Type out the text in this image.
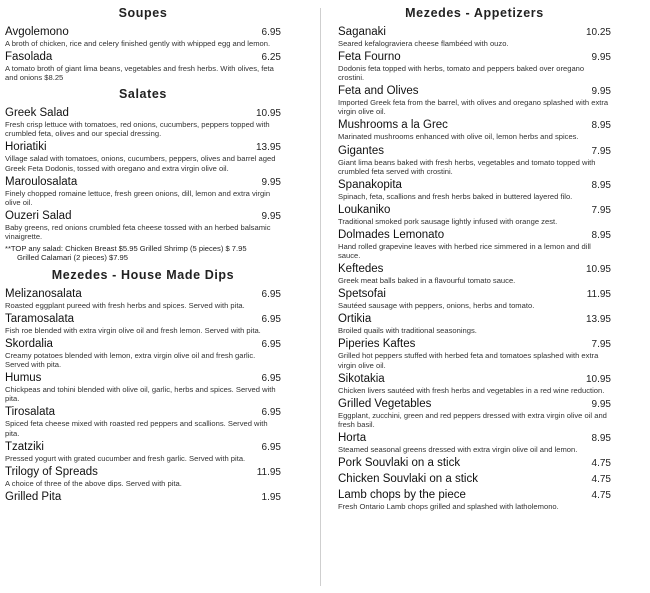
Soupes
Avgolemono	6.95
A broth of chicken, rice and celery finished gently with whipped egg and lemon.
Fasolada	6.25
A tomato broth of giant lima beans, vegetables and fresh herbs. With olives, feta and onions $8.25
Salates
Greek Salad	10.95
Fresh crisp lettuce with tomatoes, red onions, cucumbers, peppers topped with crumbled feta, olives and our special dressing.
Horiatiki	13.95
Village salad with tomatoes, onions, cucumbers, peppers, olives and barrel aged Greek Feta Dodonis, tossed with oregano and extra virgin olive oil.
Maroulosalata	9.95
Finely chopped romaine lettuce, fresh green onions, dill, lemon and extra virgin olive oil.
Ouzeri Salad	9.95
Baby greens, red onions crumbled feta cheese tossed with an herbed balsamic vinaigrette.
**TOP any salad: Chicken Breast $5.95 Grilled Shrimp (5 pieces) $ 7.95
Grilled Calamari (2 pieces) $7.95
Mezedes - House Made Dips
Melizanosalata	6.95
Roasted eggplant pureed with fresh herbs and spices. Served with pita.
Taramosalata	6.95
Fish roe blended with extra virgin olive oil and fresh lemon. Served with pita.
Skordalia	6.95
Creamy potatoes blended with lemon, extra virgin olive oil and fresh garlic. Served with pita.
Humus	6.95
Chickpeas and tohini blended with olive oil, garlic, herbs and spices. Served with pita.
Tirosalata	6.95
Spiced feta cheese mixed with roasted red peppers and scallions. Served with pita.
Tzatziki	6.95
Pressed yogurt with grated cucumber and fresh garlic. Served with pita.
Trilogy of Spreads	11.95
A choice of three of the above dips. Served with pita.
Grilled Pita	1.95
Mezedes - Appetizers
Saganaki	10.25
Seared kefalograviera cheese flambéed with ouzo.
Feta Fourno	9.95
Dodonis feta topped with herbs, tomato and peppers baked over oregano crostini.
Feta and Olives	9.95
Imported Greek feta from the barrel, with olives and oregano splashed with extra virgin olive oil.
Mushrooms a la Grec	8.95
Marinated mushrooms enhanced with olive oil, lemon herbs and spices.
Gigantes	7.95
Giant lima beans baked with fresh herbs, vegetables and tomato topped with crumbled feta served with crostini.
Spanakopita	8.95
Spinach, feta, scallions and fresh herbs baked in buttered layered filo.
Loukaniko	7.95
Traditional smoked pork sausage lightly infused with orange zest.
Dolmades Lemonato	8.95
Hand rolled grapevine leaves with herbed rice simmered in a lemon and dill sauce.
Keftedes	10.95
Greek meat balls baked in a flavourful tomato sauce.
Spetsofai	11.95
Sautéed sausage with peppers, onions, herbs and tomato.
Ortikia	13.95
Broiled quails with traditional seasonings.
Piperies Kaftes	7.95
Grilled hot peppers stuffed with herbed feta and tomatoes splashed with extra virgin olive oil.
Sikotakia	10.95
Chicken livers sautéed with fresh herbs and vegetables in a red wine reduction.
Grilled Vegetables	9.95
Eggplant, zucchini, green and red peppers dressed with extra virgin olive oil and fresh basil.
Horta	8.95
Steamed seasonal greens dressed with extra virgin olive oil and lemon.
Pork Souvlaki on a stick	4.75
Chicken Souvlaki on a stick	4.75
Lamb chops by the piece	4.75
Fresh Ontario Lamb chops grilled and splashed with latholemono.
